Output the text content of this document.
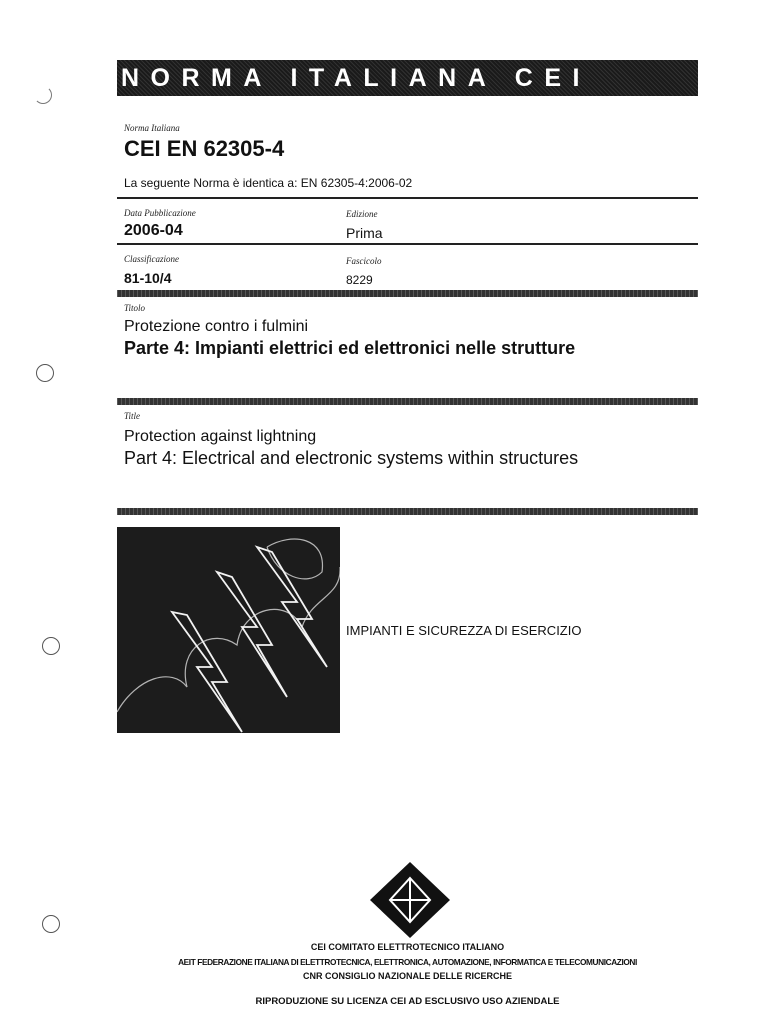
NORMA ITALIANA CEI
Norma Italiana
CEI EN 62305-4
La seguente Norma è identica a: EN 62305-4:2006-02
Data Pubblicazione
2006-04
Edizione
Prima
Classificazione
81-10/4
Fascicolo
8229
Titolo
Protezione contro i fulmini
Parte 4: Impianti elettrici ed elettronici nelle strutture
Title
Protection against lightning
Part 4: Electrical and electronic systems within structures
IMPIANTI E SICUREZZA DI ESERCIZIO
CEI COMITATO ELETTROTECNICO ITALIANO
AEIT FEDERAZIONE ITALIANA DI ELETTROTECNICA, ELETTRONICA, AUTOMAZIONE, INFORMATICA E TELECOMUNICAZIONI
CNR CONSIGLIO NAZIONALE DELLE RICERCHE
RIPRODUZIONE SU LICENZA CEI AD ESCLUSIVO USO AZIENDALE
